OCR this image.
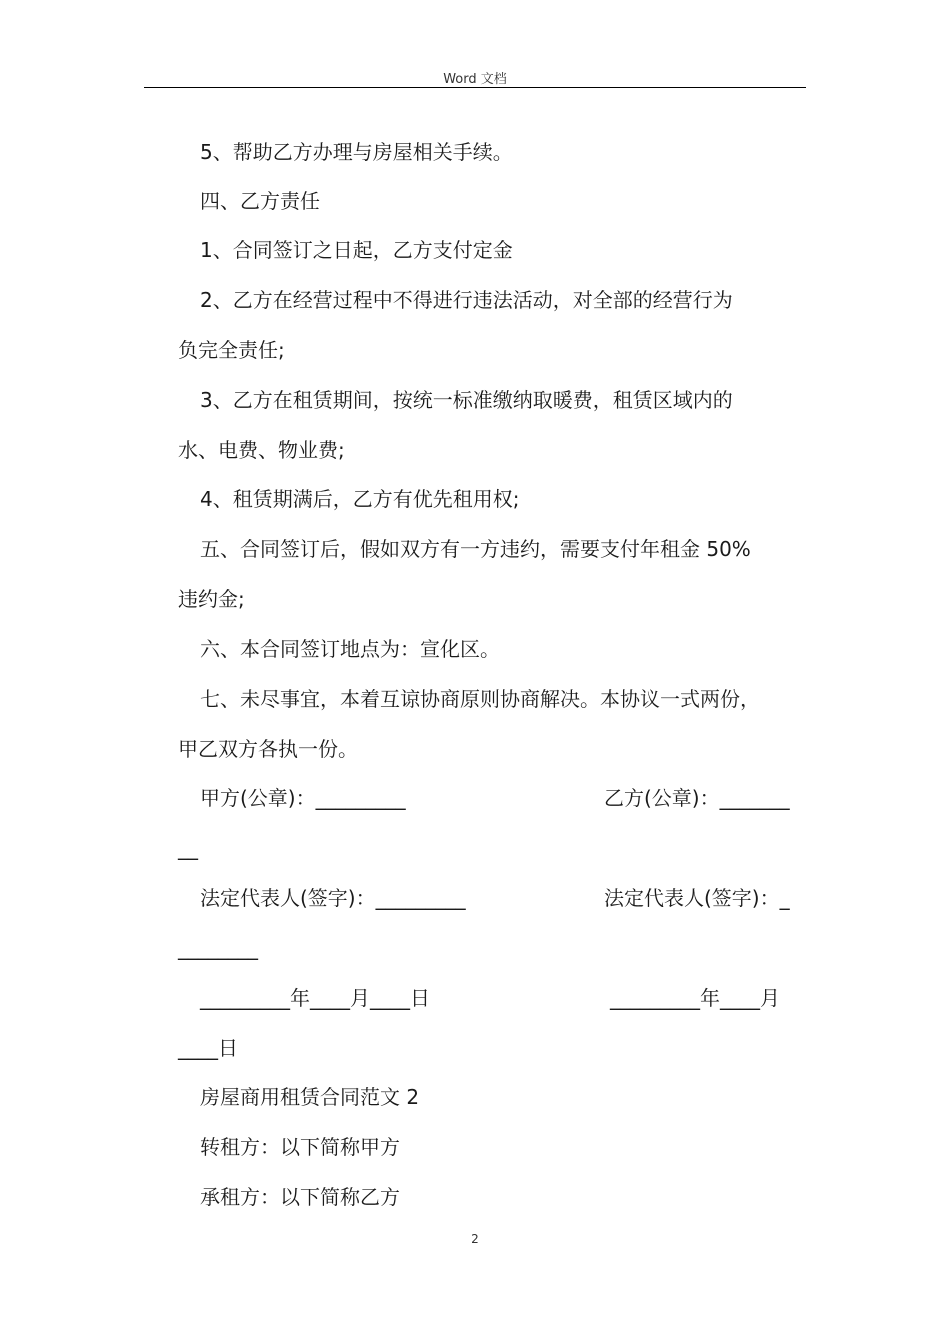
Word 文档
5、帮助乙方办理与房屋相关手续。
四、乙方责任
1、合同签订之日起，乙方支付定金
2、乙方在经营过程中不得进行违法活动，对全部的经营行为
负完全责任;
3、乙方在租赁期间，按统一标准缴纳取暖费，租赁区域内的
水、电费、物业费;
4、租赁期满后，乙方有优先租用权;
五、合同签订后，假如双方有一方违约，需要支付年租金 50%
违约金;
六、本合同签订地点为：宣化区。
七、未尽事宜，本着互谅协商原则协商解决。本协议一式两份，
甲乙双方各执一份。
甲方(公章)：_________	乙方(公章)：_______
__
法定代表人(签字)：_________	法定代表人(签字)：_
________
_________年____月____日	_________年____月
____日
房屋商用租赁合同范文 2
转租方：以下简称甲方
承租方：以下简称乙方
2
